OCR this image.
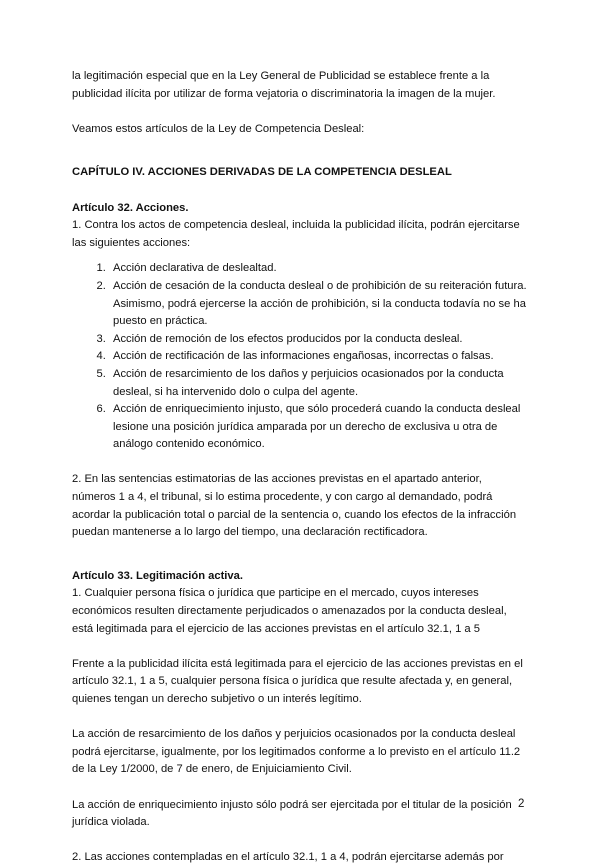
la legitimación especial que en la Ley General de Publicidad se establece frente a la publicidad ilícita por utilizar de forma vejatoria o discriminatoria la imagen de la mujer.

Veamos estos artículos de la Ley de Competencia Desleal:

CAPÍTULO IV. ACCIONES DERIVADAS DE LA COMPETENCIA DESLEAL

Artículo 32. Acciones.

1. Contra los actos de competencia desleal, incluida la publicidad ilícita, podrán ejercitarse las siguientes acciones:

1. Acción declarativa de deslealtad.
2. Acción de cesación de la conducta desleal o de prohibición de su reiteración futura. Asimismo, podrá ejercerse la acción de prohibición, si la conducta todavía no se ha puesto en práctica.
3. Acción de remoción de los efectos producidos por la conducta desleal.
4. Acción de rectificación de las informaciones engañosas, incorrectas o falsas.
5. Acción de resarcimiento de los daños y perjuicios ocasionados por la conducta desleal, si ha intervenido dolo o culpa del agente.
6. Acción de enriquecimiento injusto, que sólo procederá cuando la conducta desleal lesione una posición jurídica amparada por un derecho de exclusiva u otra de análogo contenido económico.

2. En las sentencias estimatorias de las acciones previstas en el apartado anterior, números 1 a 4, el tribunal, si lo estima procedente, y con cargo al demandado, podrá acordar la publicación total o parcial de la sentencia o, cuando los efectos de la infracción puedan mantenerse a lo largo del tiempo, una declaración rectificadora.

Artículo 33. Legitimación activa.

1. Cualquier persona física o jurídica que participe en el mercado, cuyos intereses económicos resulten directamente perjudicados o amenazados por la conducta desleal, está legitimada para el ejercicio de las acciones previstas en el artículo 32.1, 1 a 5

Frente a la publicidad ilícita está legitimada para el ejercicio de las acciones previstas en el artículo 32.1, 1 a 5, cualquier persona física o jurídica que resulte afectada y, en general, quienes tengan un derecho subjetivo o un interés legítimo.

La acción de resarcimiento de los daños y perjuicios ocasionados por la conducta desleal podrá ejercitarse, igualmente, por los legitimados conforme a lo previsto en el artículo 11.2 de la Ley 1/2000, de 7 de enero, de Enjuiciamiento Civil.

La acción de enriquecimiento injusto sólo podrá ser ejercitada por el titular de la posición jurídica violada.

2. Las acciones contempladas en el artículo 32.1, 1 a 4, podrán ejercitarse además por

2
